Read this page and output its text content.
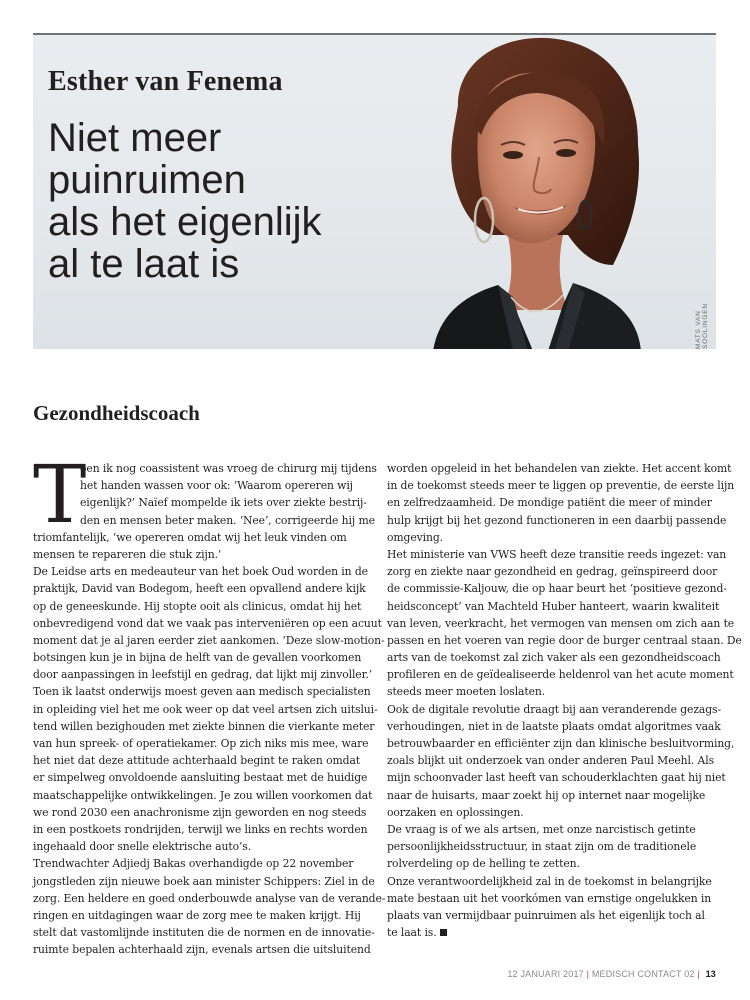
Esther van Fenema
Niet meer
puinruimen
als het eigenlijk
al te laat is
MATS VAN SOOLINGEN
Gezondheidscoach
T
oen ik nog coassistent was vroeg de chirurg mij tijdens
het handen wassen voor ok: ‘Waarom opereren wij
eigenlijk?’ Naïef mompelde ik iets over ziekte bestrij-
den en mensen beter maken. ‘Nee’, corrigeerde hij me
triomfantelijk, ‘we opereren omdat wij het leuk vinden om
mensen te repareren die stuk zijn.’
De Leidse arts en medeauteur van het boek Oud worden in de
praktijk, David van Bodegom, heeft een opvallend andere kijk
op de geneeskunde. Hij stopte ooit als clinicus, omdat hij het
onbevredigend vond dat we vaak pas interveniëren op een acuut
moment dat je al jaren eerder ziet aankomen. ‘Deze slow-motion-
botsingen kun je in bijna de helft van de gevallen voorkomen
door aanpassingen in leefstijl en gedrag, dat lijkt mij zinvoller.’
Toen ik laatst onderwijs moest geven aan medisch specialisten
in opleiding viel het me ook weer op dat veel artsen zich uitslui-
tend willen bezighouden met ziekte binnen die vierkante meter
van hun spreek- of operatiekamer. Op zich niks mis mee, ware
het niet dat deze attitude achterhaald begint te raken omdat
er simpelweg onvoldoende aansluiting bestaat met de huidige
maatschappelijke ontwikkelingen. Je zou willen voorkomen dat
we rond 2030 een anachronisme zijn geworden en nog steeds
in een postkoets rondrijden, terwijl we links en rechts worden
ingehaald door snelle elektrische auto’s.
Trendwachter Adjiedj Bakas overhandigde op 22 november
jongstleden zijn nieuwe boek aan minister Schippers: Ziel in de
zorg. Een heldere en goed onderbouwde analyse van de verande-
ringen en uitdagingen waar de zorg mee te maken krijgt. Hij
stelt dat vastomlijnde instituten die de normen en de innovatie-
ruimte bepalen achterhaald zijn, evenals artsen die uitsluitend
worden opgeleid in het behandelen van ziekte. Het accent komt
in de toekomst steeds meer te liggen op preventie, de eerste lijn
en zelfredzaamheid. De mondige patiënt die meer of minder
hulp krijgt bij het gezond functioneren in een daarbij passende
omgeving.
Het ministerie van VWS heeft deze transitie reeds ingezet: van
zorg en ziekte naar gezondheid en gedrag, geïnspireerd door
de commissie-Kaljouw, die op haar beurt het ‘positieve gezond-
heidsconcept’ van Machteld Huber hanteert, waarin kwaliteit
van leven, veerkracht, het vermogen van mensen om zich aan te
passen en het voeren van regie door de burger centraal staan. De
arts van de toekomst zal zich vaker als een gezondheidscoach
profileren en de geïdealiseerde heldenrol van het acute moment
steeds meer moeten loslaten.
Ook de digitale revolutie draagt bij aan veranderende gezags-
verhoudingen, niet in de laatste plaats omdat algoritmes vaak
betrouwbaarder en efficiënter zijn dan klinische besluitvorming,
zoals blijkt uit onderzoek van onder anderen Paul Meehl. Als
mijn schoonvader last heeft van schouderklachten gaat hij niet
naar de huisarts, maar zoekt hij op internet naar mogelijke
oorzaken en oplossingen.
De vraag is of we als artsen, met onze narcistisch getinte
persoonlijkheidsstructuur, in staat zijn om de traditionele
rolverdeling op de helling te zetten.
Onze verantwoordelijkheid zal in de toekomst in belangrijke
mate bestaan uit het voorkómen van ernstige ongelukken in
plaats van vermijdbaar puinruimen als het eigenlijk toch al
te laat is.
12 JANUARI 2017 | MEDISCH CONTACT 02 | 13
